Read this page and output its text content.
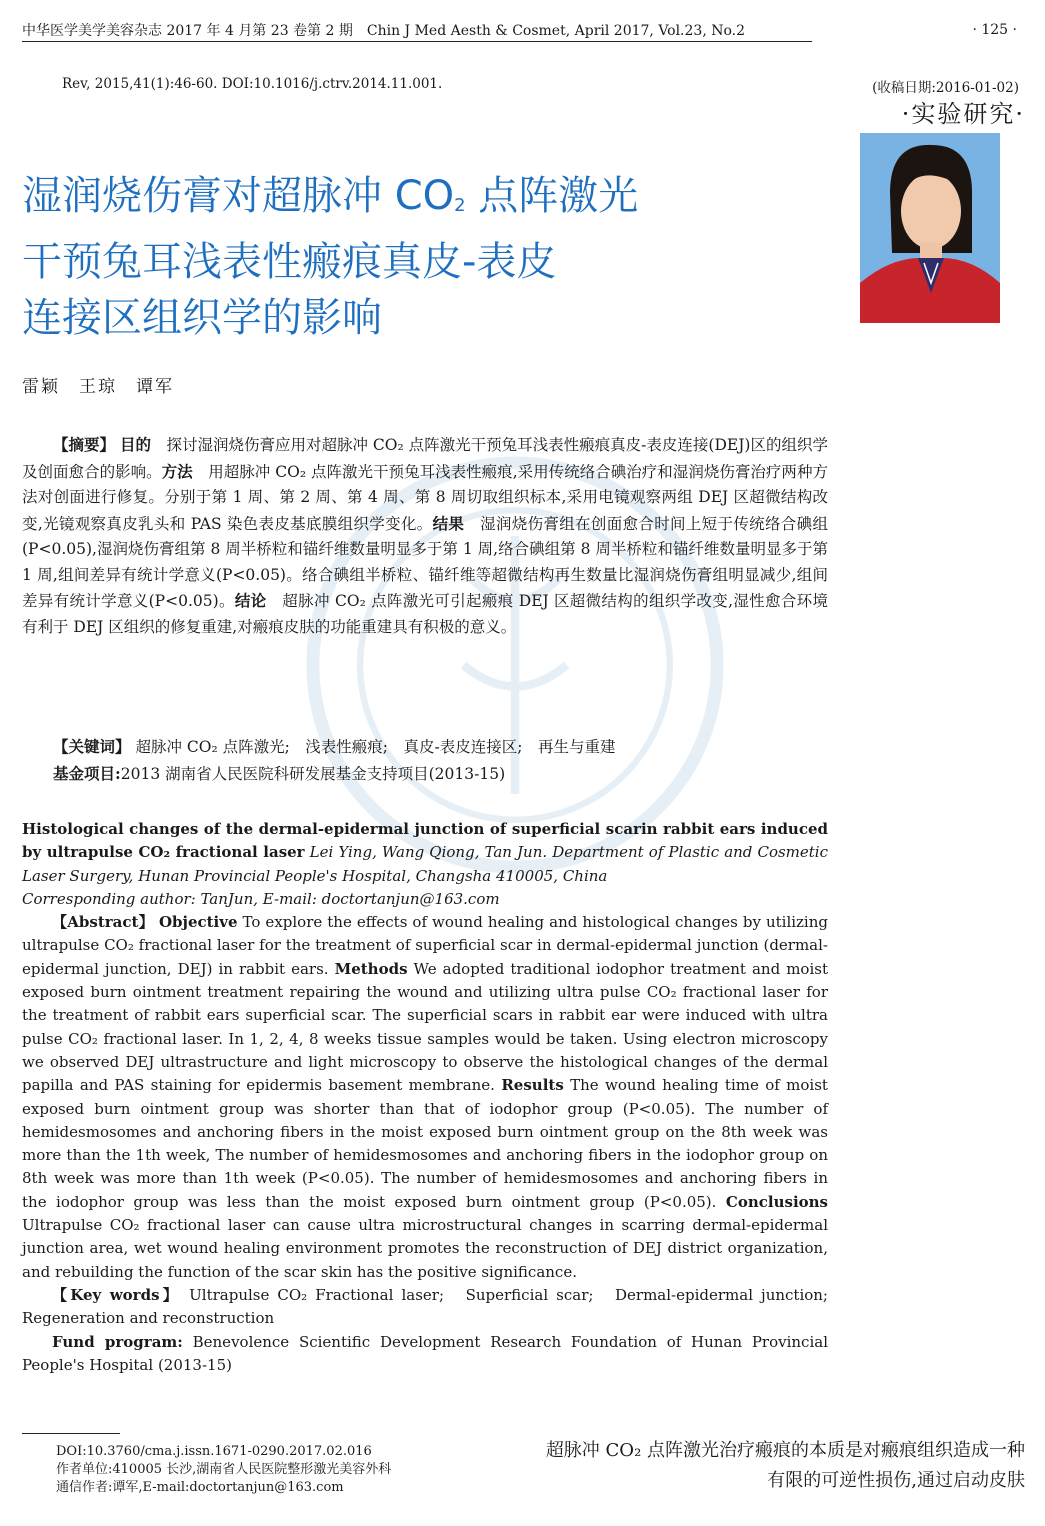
中华医学美学美容杂志 2017 年 4 月第 23 卷第 2 期　Chin J Med Aesth & Cosmet, April 2017, Vol.23, No.2	· 125 ·
Rev, 2015,41(1):46-60. DOI:10.1016/j.ctrv.2014.11.001.	(收稿日期:2016-01-02)
·实验研究·
湿润烧伤膏对超脉冲 $CO_2$ 点阵激光
干预兔耳浅表性瘢痕真皮-表皮
连接区组织学的影响
雷颖　王琼　谭军
【摘要】 目的　 探讨湿润烧伤膏应用对超脉冲 CO₂ 点阵激光干预兔耳浅表性瘢痕真皮-表皮连接(DEJ)区的组织学及创面愈合的影响。方法　 用超脉冲 CO₂ 点阵激光干预兔耳浅表性瘢痕,采用传统络合碘治疗和湿润烧伤膏治疗两种方法对创面进行修复。分别于第 1 周、第 2 周、第 4 周、第 8 周切取组织标本,采用电镜观察两组 DEJ 区超微结构改变,光镜观察真皮乳头和 PAS 染色表皮基底膜组织学变化。结果　 湿润烧伤膏组在创面愈合时间上短于传统络合碘组(P<0.05),湿润烧伤膏组第 8 周半桥粒和锚纤维数量明显多于第 1 周,络合碘组第 8 周半桥粒和锚纤维数量明显多于第 1 周,组间差异有统计学意义(P<0.05)。络合碘组半桥粒、锚纤维等超微结构再生数量比湿润烧伤膏组明显减少,组间差异有统计学意义(P<0.05)。结论　 超脉冲 CO₂ 点阵激光可引起瘢痕 DEJ 区超微结构的组织学改变,湿性愈合环境有利于 DEJ 区组织的修复重建,对瘢痕皮肤的功能重建具有积极的意义。
【关键词】 超脉冲 CO₂ 点阵激光;　浅表性瘢痕;　真皮-表皮连接区;　再生与重建
基金项目:2013 湖南省人民医院科研发展基金支持项目(2013-15)
Histological changes of the dermal-epidermal junction of superficial scarin rabbit ears induced by ultrapulse CO₂ fractional laser Lei Ying, Wang Qiong, Tan Jun. Department of Plastic and Cosmetic Laser Surgery, Hunan Provincial People's Hospital, Changsha 410005, China
Corresponding author: TanJun, E-mail: doctortanjun@163.com
【Abstract】 Objective To explore the effects of wound healing and histological changes by utilizing ultrapulse CO₂ fractional laser for the treatment of superficial scar in dermal-epidermal junction (dermal-epidermal junction, DEJ) in rabbit ears. Methods We adopted traditional iodophor treatment and moist exposed burn ointment treatment repairing the wound and utilizing ultra pulse CO₂ fractional laser for the treatment of rabbit ears superficial scar. The superficial scars in rabbit ear were induced with ultra pulse CO₂ fractional laser. In 1, 2, 4, 8 weeks tissue samples would be taken. Using electron microscopy we observed DEJ ultrastructure and light microscopy to observe the histological changes of the dermal papilla and PAS staining for epidermis basement membrane. Results The wound healing time of moist exposed burn ointment group was shorter than that of iodophor group (P<0.05). The number of hemidesmosomes and anchoring fibers in the moist exposed burn ointment group on the 8th week was more than the 1th week, The number of hemidesmosomes and anchoring fibers in the iodophor group on 8th week was more than 1th week (P<0.05). The number of hemidesmosomes and anchoring fibers in the iodophor group was less than the moist exposed burn ointment group (P<0.05). Conclusions Ultrapulse CO₂ fractional laser can cause ultra microstructural changes in scarring dermal-epidermal junction area, wet wound healing environment promotes the reconstruction of DEJ district organization, and rebuilding the function of the scar skin has the positive significance.
【Key words】 Ultrapulse CO₂ Fractional laser;　Superficial scar;　Dermal-epidermal junction;　Regeneration and reconstruction
Fund program: Benevolence Scientific Development Research Foundation of Hunan Provincial People's Hospital (2013-15)
DOI:10.3760/cma.j.issn.1671-0290.2017.02.016
作者单位:410005 长沙,湖南省人民医院整形激光美容外科
通信作者:谭军,E-mail:doctortanjun@163.com
超脉冲 CO₂ 点阵激光治疗瘢痕的本质是对瘢痕组织造成一种有限的可逆性损伤,通过启动皮肤
